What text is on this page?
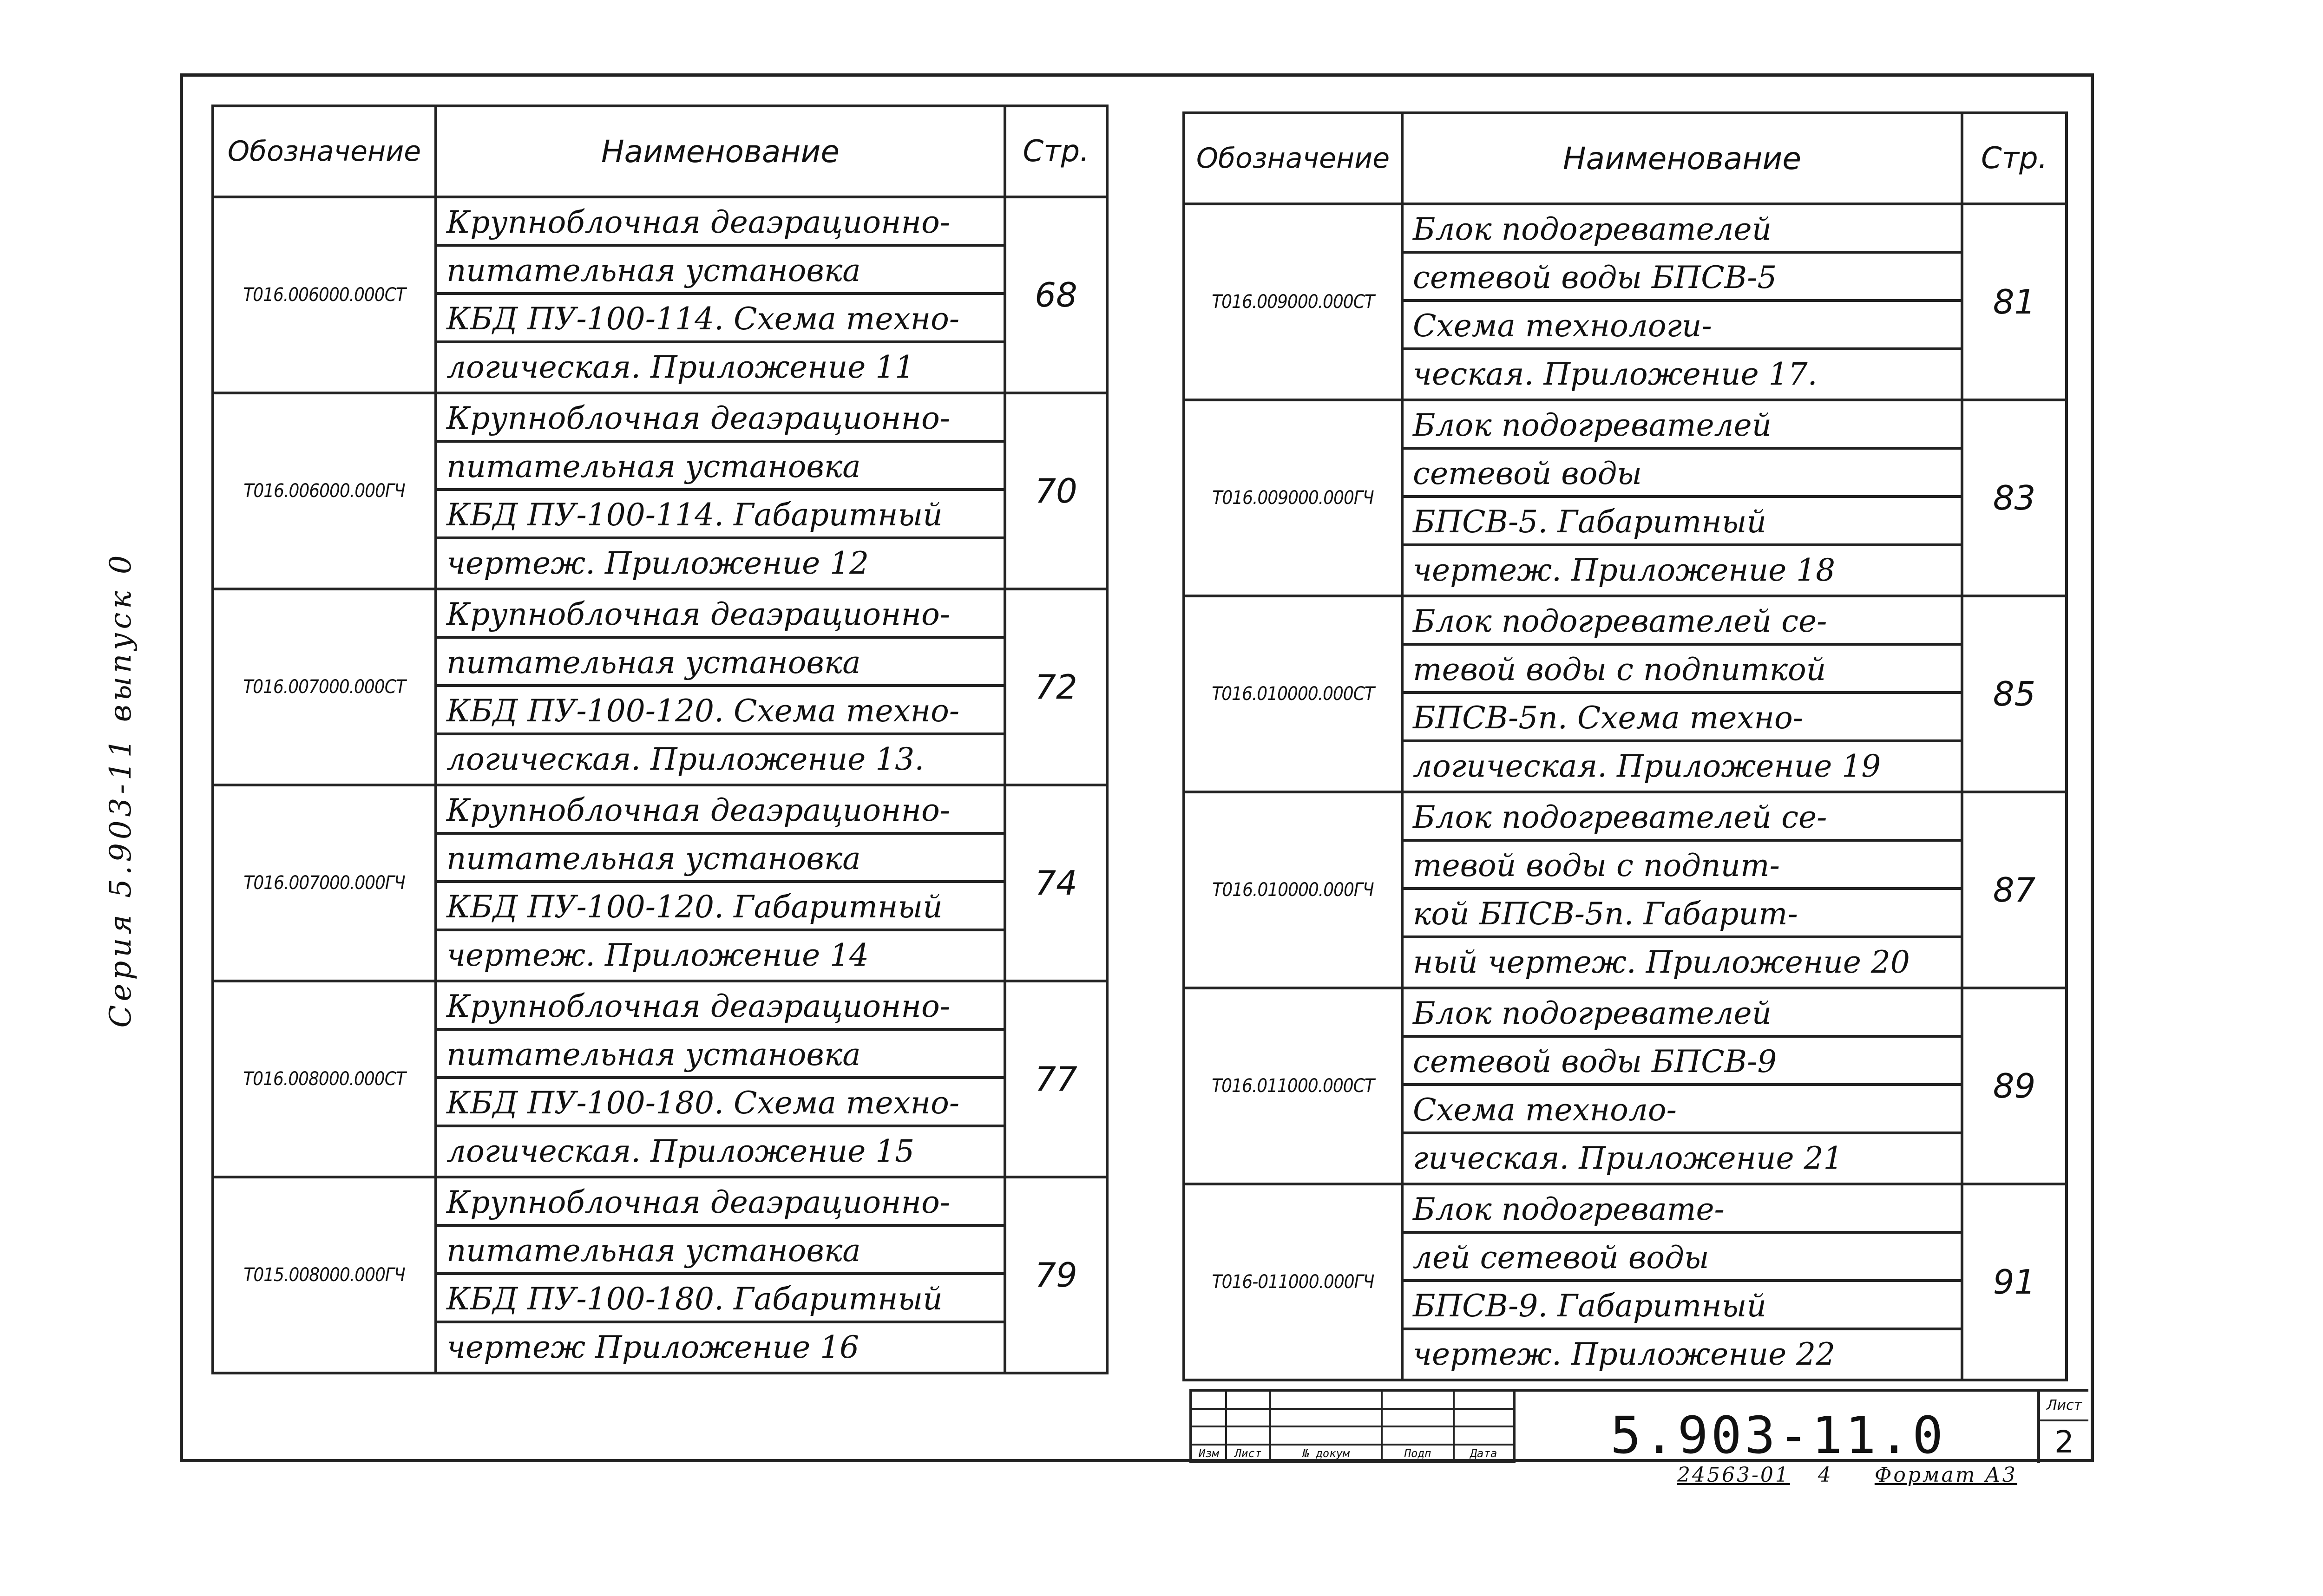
Серия 5.903-11 выпуск 0
Обозначение	Наименование	Стр.
Т016.006000.000СТ	Крупноблочная деаэрационно-
питательная установка
КБД ПУ-100-114. Схема техно-
логическая. Приложение 11	68
Т016.006000.000ГЧ	Крупноблочная деаэрационно-
питательная установка
КБД ПУ-100-114. Габаритный
чертеж. Приложение 12	70
Т016.007000.000СТ	Крупноблочная деаэрационно-
питательная установка
КБД ПУ-100-120. Схема техно-
логическая. Приложение 13.	72
Т016.007000.000ГЧ	Крупноблочная деаэрационно-
питательная установка
КБД ПУ-100-120. Габаритный
чертеж. Приложение 14	74
Т016.008000.000СТ	Крупноблочная деаэрационно-
питательная установка
КБД ПУ-100-180. Схема техно-
логическая. Приложение 15	77
Т015.008000.000ГЧ	Крупноблочная деаэрационно-
питательная установка
КБД ПУ-100-180. Габаритный
чертеж Приложение 16	79
Обозначение	Наименование	Стр.
Т016.009000.000СТ	Блок подогревателей
сетевой воды БПСВ-5
Схема технологи-
ческая. Приложение 17.	81
Т016.009000.000ГЧ	Блок подогревателей
сетевой воды
БПСВ-5. Габаритный
чертеж. Приложение 18	83
Т016.010000.000СТ	Блок подогревателей се-
тевой воды с подпиткой
БПСВ-5п. Схема техно-
логическая. Приложение 19	85
Т016.010000.000ГЧ	Блок подогревателей се-
тевой воды с подпит-
кой БПСВ-5п. Габарит-
ный чертеж. Приложение 20	87
Т016.011000.000СТ	Блок подогревателей
сетевой воды БПСВ-9
Схема техноло-
гическая. Приложение 21	89
Т016-011000.000ГЧ	Блок подогревате-
лей сетевой воды
БПСВ-9. Габаритный
чертеж. Приложение 22	91
Изм	Лист	№ докум	Подп	Дата	5.903-11.0
Лист
2
24563-01 4 Формат А3
